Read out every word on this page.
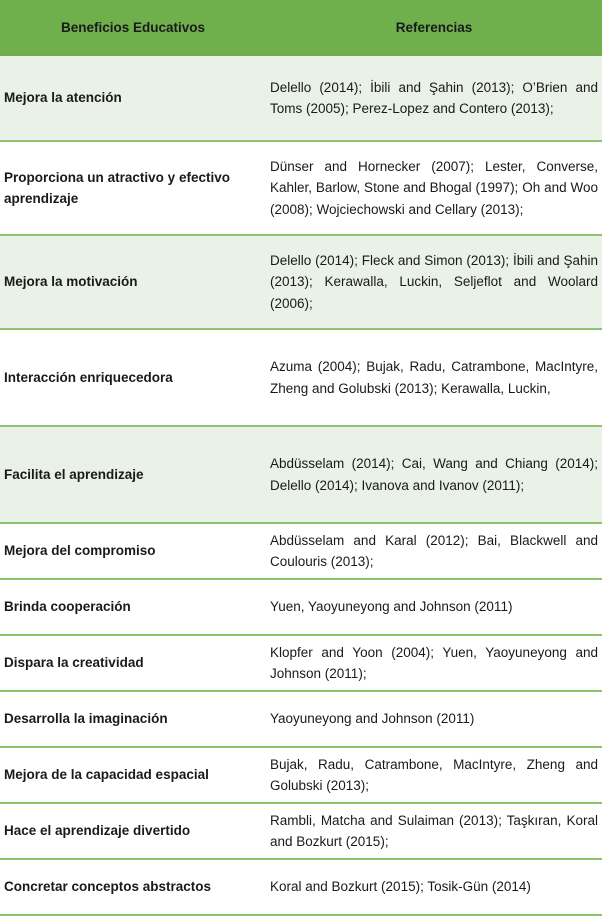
Beneficios Educativos	Referencias
Mejora la atención	Delello (2014); İbili and Şahin (2013); O’Brien and Toms (2005); Perez-Lopez and Contero (2013);
Proporciona un atractivo y efectivo aprendizaje	Dünser and Hornecker (2007); Lester, Converse, Kahler, Barlow, Stone and Bhogal (1997); Oh and Woo (2008); Wojciechowski and Cellary (2013);
Mejora la motivación	Delello (2014); Fleck and Simon (2013); İbili and Şahin (2013); Kerawalla, Luckin, Seljeflot and Woolard (2006);
Interacción enriquecedora	Azuma (2004); Bujak, Radu, Catrambone, MacIntyre, Zheng and Golubski (2013); Kerawalla, Luckin,
Facilita el aprendizaje	Abdüsselam (2014); Cai, Wang and Chiang (2014); Delello (2014); Ivanova and Ivanov (2011);
Mejora del compromiso	Abdüsselam and Karal (2012); Bai, Blackwell and Coulouris (2013);
Brinda cooperación	Yuen, Yaoyuneyong and Johnson (2011)
Dispara la creatividad	Klopfer and Yoon (2004); Yuen, Yaoyuneyong and Johnson (2011);
Desarrolla la imaginación	Yaoyuneyong and Johnson (2011)
Mejora de la capacidad espacial	Bujak, Radu, Catrambone, MacIntyre, Zheng and Golubski (2013);
Hace el aprendizaje divertido	Rambli, Matcha and Sulaiman (2013); Taşkıran, Koral and Bozkurt (2015);
Concretar conceptos abstractos	Koral and Bozkurt (2015); Tosik-Gün (2014)
